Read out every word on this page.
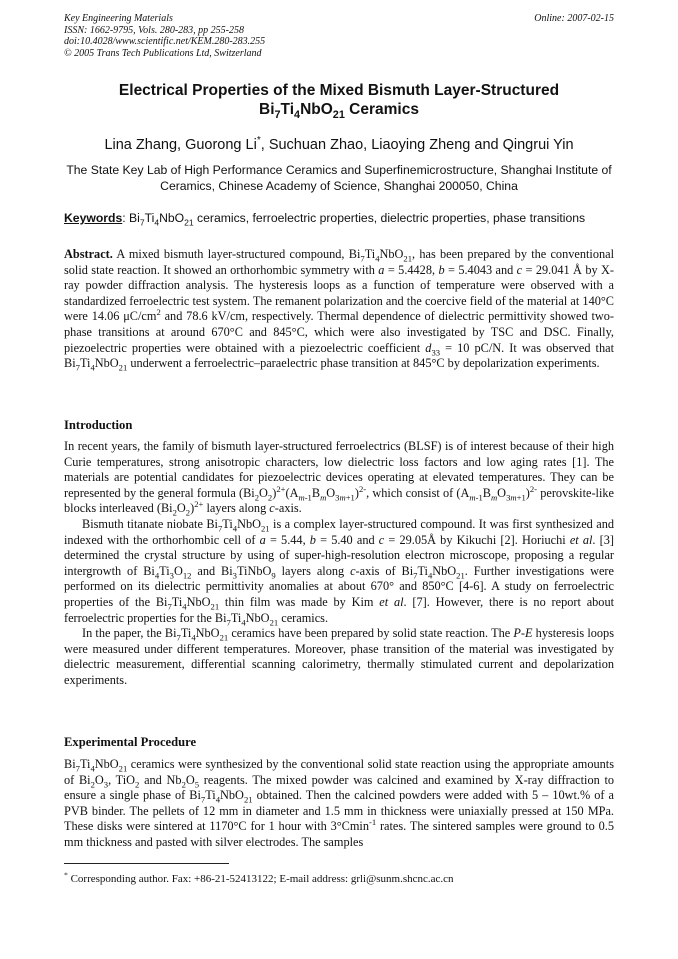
Key Engineering Materials
ISSN: 1662-9795, Vols. 280-283, pp 255-258
doi:10.4028/www.scientific.net/KEM.280-283.255
© 2005 Trans Tech Publications Ltd, Switzerland
Online: 2007-02-15
Electrical Properties of the Mixed Bismuth Layer-Structured
$Bi_7Ti_4NbO_{21}$ Ceramics
Lina Zhang, Guorong Li*, Suchuan Zhao, Liaoying Zheng and Qingrui Yin
The State Key Lab of High Performance Ceramics and Superfinemicrostructure, Shanghai Institute of Ceramics, Chinese Academy of Science, Shanghai 200050, China
Keywords: $Bi_7Ti_4NbO_{21}$ ceramics, ferroelectric properties, dielectric properties, phase transitions

Abstract. A mixed bismuth layer-structured compound, $Bi_7Ti_4NbO_{21}$, has been prepared by the conventional solid state reaction. It showed an orthorhombic symmetry with a = 5.4428, b = 5.4043 and c = 29.041 Å by X-ray powder diffraction analysis. The hysteresis loops as a function of temperature were observed with a standardized ferroelectric test system. The remanent polarization and the coercive field of the material at 140°C were 14.06 $\mu C/cm^2$ and 78.6 kV/cm, respectively. Thermal dependence of dielectric permittivity showed two-phase transitions at around 670°C and 845°C, which were also investigated by TSC and DSC. Finally, piezoelectric properties were obtained with a piezoelectric coefficient $d_{33} = 10$ pC/N. It was observed that $Bi_7Ti_4NbO_{21}$ underwent a ferroelectric–paraelectric phase transition at 845°C by depolarization experiments.

Introduction

In recent years, the family of bismuth layer-structured ferroelectrics (BLSF) is of interest because of their high Curie temperatures, strong anisotropic characters, low dielectric loss factors and low aging rates [1]. The materials are potential candidates for piezoelectric devices operating at elevated temperatures. They can be represented by the general formula $(Bi_2O_2)^{2+}(A_{m-1}B_mO_{3m+1})^{2-}$, which consist of $(A_{m-1}B_mO_{3m+1})^{2-}$ perovskite-like blocks interleaved $(Bi_2O_2)^{2+}$ layers along c-axis.

Bismuth titanate niobate $Bi_7Ti_4NbO_{21}$ is a complex layer-structured compound. It was first synthesized and indexed with the orthorhombic cell of a = 5.44, b = 5.40 and c = 29.05Å by Kikuchi [2]. Horiuchi et al. [3] determined the crystal structure by using of super-high-resolution electron microscope, proposing a regular intergrowth of $Bi_4Ti_3O_{12}$ and $Bi_3TiNbO_9$ layers along c-axis of $Bi_7Ti_4NbO_{21}$. Further investigations were performed on its dielectric permittivity anomalies at about 670° and 850°C [4-6]. A study on ferroelectric properties of the $Bi_7Ti_4NbO_{21}$ thin film was made by Kim et al. [7]. However, there is no report about ferroelectric properties for the $Bi_7Ti_4NbO_{21}$ ceramics.

In the paper, the $Bi_7Ti_4NbO_{21}$ ceramics have been prepared by solid state reaction. The P-E hysteresis loops were measured under different temperatures. Moreover, phase transition of the material was investigated by dielectric measurement, differential scanning calorimetry, thermally stimulated current and depolarization experiments.

Experimental Procedure

$Bi_7Ti_4NbO_{21}$ ceramics were synthesized by the conventional solid state reaction using the appropriate amounts of $Bi_2O_3$, TiO$_2$ and $Nb_2O_5$ reagents. The mixed powder was calcined and examined by X-ray diffraction to ensure a single phase of $Bi_7Ti_4NbO_{21}$ obtained. Then the calcined powders were added with 5 – 10wt.% of a PVB binder. The pellets of 12 mm in diameter and 1.5 mm in thickness were uniaxially pressed at 150 MPa. These disks were sintered at 1170°C for 1 hour with 3°Cmin$^{-1}$ rates. The sintered samples were ground to 0.5 mm thickness and pasted with silver electrodes. The samples

* Corresponding author. Fax: +86-21-52413122; E-mail address: grli@sunm.shcnc.ac.cn
